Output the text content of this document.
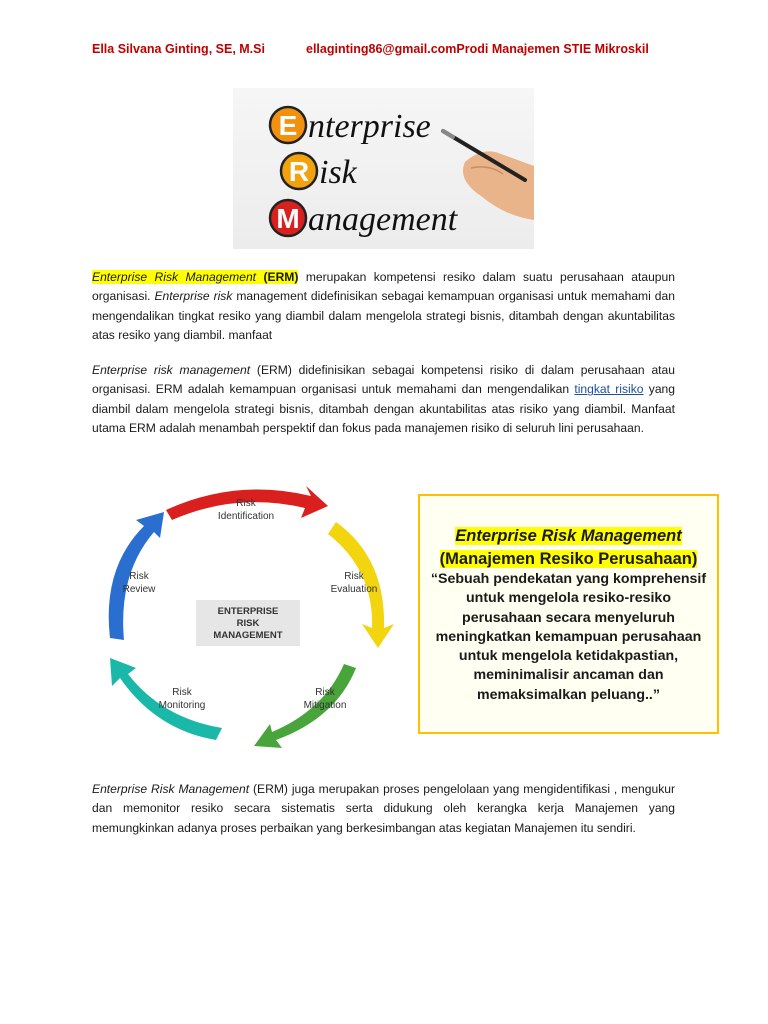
Ella Silvana Ginting, SE, M.Si	ellaginting86@gmail.comProdi Manajemen STIE Mikroskil
E
R
M
nterprise
isk
anagement

Enterprise Risk Management (ERM) merupakan kompetensi resiko dalam suatu perusahaan ataupun organisasi. Enterprise risk management didefinisikan sebagai kemampuan organisasi untuk memahami dan mengendalikan tingkat resiko yang diambil dalam mengelola strategi bisnis, ditambah dengan akuntabilitas atas resiko yang diambil. manfaat

Enterprise risk management (ERM) didefinisikan sebagai kompetensi risiko di dalam perusahaan atau organisasi. ERM adalah kemampuan organisasi untuk memahami dan mengendalikan tingkat risiko yang diambil dalam mengelola strategi bisnis, ditambah dengan akuntabilitas atas risiko yang diambil. Manfaat utama ERM adalah menambah perspektif dan fokus pada manajemen risiko di seluruh lini perusahaan.

ENTERPRISE
RISK
MANAGEMENT
Risk
Identification
Risk
Evaluation
Risk
Mitigation
Risk
Monitoring
Risk
Review
Enterprise Risk Management
(Manajemen Resiko Perusahaan)
“Sebuah pendekatan yang komprehensif
untuk mengelola resiko-resiko
perusahaan secara menyeluruh
meningkatkan kemampuan perusahaan
untuk mengelola ketidakpastian,
meminimalisir ancaman dan
memaksimalkan peluang..”

Enterprise Risk Management (ERM) juga merupakan proses pengelolaan yang mengidentifikasi , mengukur dan memonitor resiko secara sistematis serta didukung oleh kerangka kerja Manajemen yang memungkinkan adanya proses perbaikan yang berkesimbangan atas kegiatan Manajemen itu sendiri.
